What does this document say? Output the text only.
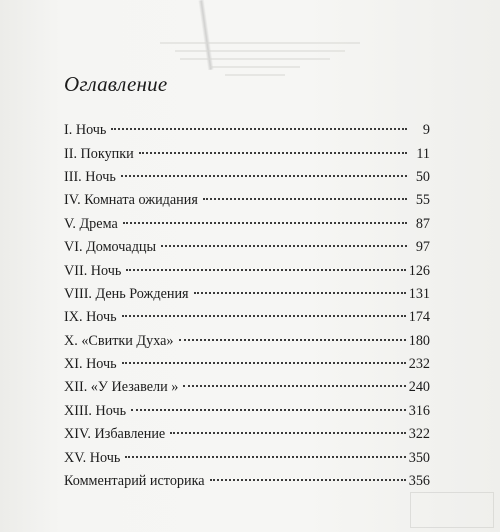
Оглавление
I. Ночь	9
II. Покупки	11
III. Ночь	50
IV. Комната ожидания	55
V. Дрема	87
VI. Домочадцы	97
VII. Ночь	126
VIII. День Рождения	131
IX. Ночь	174
X. «Свитки Духа»	180
XI. Ночь	232
XII. «У Иезавели »	240
XIII. Ночь	316
XIV. Избавление	322
XV. Ночь	350
Комментарий историка	356
